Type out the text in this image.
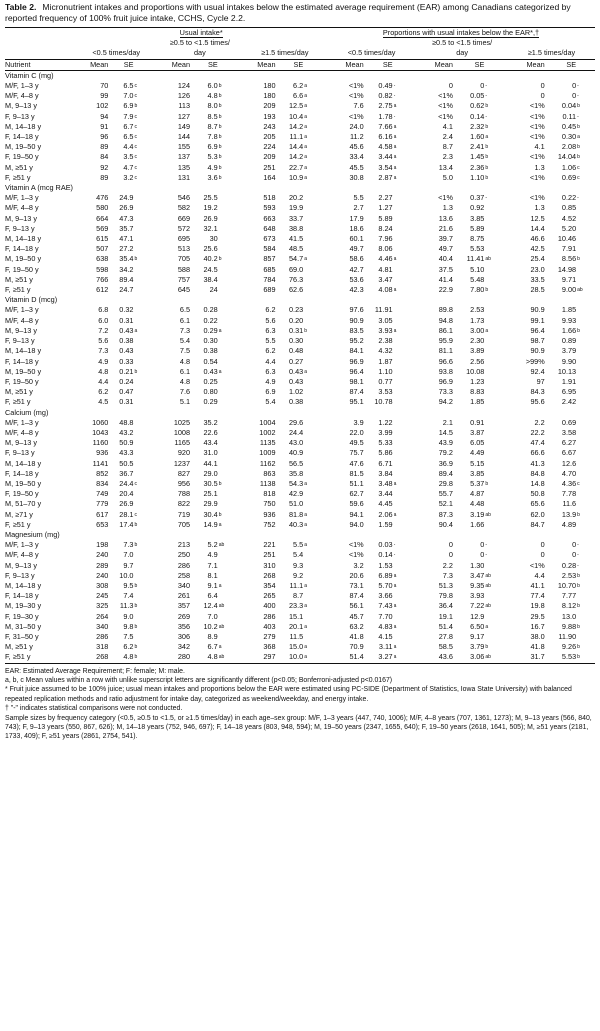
Table 2. Micronutrient intakes and proportions with usual intakes below the estimated average requirement (EAR) among Canadians categorized by reported frequency of 100% fruit juice intake, CCHS, Cycle 2.2.
	Usual intake*									Proportions with usual intakes below the EAR*,†								
				≥0.5 to <1.5 times/									≥0.5 to <1.5 times/					
	<0.5 times/day			day			≥1.5 times/day			<0.5 times/day			day			≥1.5 times/day		
Nutrient	Mean	SE		Mean	SE		Mean	SE		Mean	SE		Mean	SE		Mean	SE	
Vitamin C (mg)																		
M/F, 1–3 y	70	6.5	c	124	6.0	b	180	6.2	a	<1%	0.49	-	0	0	-	0	0	-
M/F, 4–8 y	99	7.0	c	126	4.8	b	180	6.6	a	<1%	0.82	-	<1%	0.05	-	0	0	-
M, 9–13 y	102	6.9	b	113	8.0	b	209	12.5	a	7.6	2.75	a	<1%	0.62	b	<1%	0.04	b
F, 9–13 y	94	7.9	c	127	8.5	b	193	10.4	a	<1%	1.78	-	<1%	0.14	-	<1%	0.11	-
M, 14–18 y	91	6.7	c	149	8.7	b	243	14.2	a	24.0	7.66	a	4.1	2.32	b	<1%	0.45	b
F, 14–18 y	96	6.5	c	144	7.8	b	205	11.1	a	11.2	6.16	a	2.4	1.60	a	<1%	0.30	a
M, 19–50 y	89	4.4	c	155	6.9	b	224	14.4	a	45.6	4.58	a	8.7	2.41	b	4.1	2.08	b
F, 19–50 y	84	3.5	c	137	5.3	b	209	14.2	a	33.4	3.44	a	2.3	1.45	b	<1%	14.04	b
M, ≥51 y	92	4.7	c	135	4.9	b	251	22.7	a	45.5	3.54	a	13.4	2.36	b	1.3	1.06	c
F, ≥51 y	89	3.2	c	131	3.6	b	164	10.9	a	30.8	2.87	a	5.0	1.10	b	<1%	0.69	c
Vitamin A (mcg RAE)																		
M/F, 1–3 y	476	24.9		546	25.5		518	20.2		5.5	2.27		<1%	0.37	-	<1%	0.22	-
M/F, 4–8 y	580	26.9		582	19.2		593	19.9		2.7	1.27		1.3	0.92		1.3	0.85	
M, 9–13 y	664	47.3		669	26.9		663	33.7		17.9	5.89		13.6	3.85		12.5	4.52	
F, 9–13 y	569	35.7		572	32.1		648	38.8		18.6	8.24		21.6	5.89		14.4	5.20	
M, 14–18 y	615	47.1		695	30		673	41.5		60.1	7.96		39.7	8.75		46.6	10.46	
F, 14–18 y	507	27.2		513	25.6		584	48.5		49.7	8.06		49.7	5.53		42.5	7.91	
M, 19–50 y	638	35.4	b	705	40.2	b	857	54.7	a	58.6	4.46	a	40.4	11.41	ab	25.4	8.56	b
F, 19–50 y	598	34.2		588	24.5		685	69.0		42.7	4.81		37.5	5.10		23.0	14.98	
M, ≥51 y	766	89.4		757	38.4		784	76.3		53.6	3.47		41.4	5.48		33.5	9.71	
F, ≥51 y	612	24.7		645	24		689	62.6		42.3	4.08	a	22.9	7.80	b	28.5	9.00	ab
Vitamin D (mcg)																		
M/F, 1–3 y	6.8	0.32		6.5	0.28		6.2	0.23		97.6	11.91		89.8	2.53		90.9	1.85	
M/F, 4–8 y	6.0	0.31		6.1	0.22		5.6	0.20		90.9	3.05		94.8	1.73		99.1	9.93	
M, 9–13 y	7.2	0.43	a	7.3	0.29	a	6.3	0.31	b	83.5	3.93	a	86.1	3.00	a	96.4	1.66	b
F, 9–13 y	5.6	0.38		5.4	0.30		5.5	0.30		95.2	2.38		95.9	2.30		98.7	0.89	
M, 14–18 y	7.3	0.43		7.5	0.38		6.2	0.48		84.1	4.32		81.1	3.89		90.9	3.79	
F, 14–18 y	4.9	0.33		4.8	0.54		4.4	0.27		96.9	1.87		96.6	2.56		>99%	9.90	
M, 19–50 y	4.8	0.21	b	6.1	0.43	a	6.3	0.43	a	96.4	1.10		93.8	10.08		92.4	10.13	
F, 19–50 y	4.4	0.24		4.8	0.25		4.9	0.43		98.1	0.77		96.9	1.23		97	1.91	
M, ≥51 y	6.2	0.47		7.6	0.80		6.9	1.02		87.4	3.53		73.3	8.83		84.3	6.95	
F, ≥51 y	4.5	0.31		5.1	0.29		5.4	0.38		95.1	10.78		94.2	1.85		95.6	2.42	
Calcium (mg)																		
M/F, 1–3 y	1060	48.8		1025	35.2		1004	29.6		3.9	1.22		2.1	0.91		2.2	0.69	
M/F, 4–8 y	1043	43.2		1008	22.6		1002	24.4		22.0	3.99		14.5	3.87		22.2	3.58	
M, 9–13 y	1160	50.9		1165	43.4		1135	43.0		49.5	5.33		43.9	6.05		47.4	6.27	
F, 9–13 y	936	43.3		920	31.0		1009	40.9		75.7	5.86		79.2	4.49		66.6	6.67	
M, 14–18 y	1141	50.5		1237	44.1		1162	56.5		47.6	6.71		36.9	5.15		41.3	12.6	
F, 14–18 y	852	36.7		827	29.0		863	35.8		81.5	3.84		89.4	3.85		84.8	4.70	
M, 19–50 y	834	24.4	c	956	30.5	b	1138	54.3	a	51.1	3.48	a	29.8	5.37	b	14.8	4.36	c
F, 19–50 y	749	20.4		788	25.1		818	42.9		62.7	3.44		55.7	4.87		50.8	7.78	
M, 51–70 y	779	26.9		822	29.9		750	51.0		59.6	4.45		52.1	4.48		65.6	11.6	
M, ≥71 y	617	28.1	c	719	30.4	b	936	81.8	a	94.1	2.06	a	87.3	3.19	ab	62.0	13.9	b
F, ≥51 y	653	17.4	b	705	14.9	a	752	40.3	a	94.0	1.59		90.4	1.66		84.7	4.89	
Magnesium (mg)																		
M/F, 1–3 y	198	7.3	b	213	5.2	ab	221	5.5	a	<1%	0.03	-	0	0	-	0	0	-
M/F, 4–8 y	240	7.0		250	4.9		251	5.4		<1%	0.14	-	0	0	-	0	0	-
M, 9–13 y	289	9.7		286	7.1		310	9.3		3.2	1.53		2.2	1.30		<1%	0.28	-
F, 9–13 y	240	10.0		258	8.1		268	9.2		20.6	6.89	a	7.3	3.47	ab	4.4	2.53	b
M, 14–18 y	308	9.5	b	340	9.1	a	354	11.1	a	73.1	5.70	a	51.3	9.35	ab	41.1	10.70	b
F, 14–18 y	245	7.4		261	6.4		265	8.7		87.4	3.66		79.8	3.93		77.4	7.77	
M, 19–30 y	325	11.3	b	357	12.4	ab	400	23.3	a	56.1	7.43	a	36.4	7.22	ab	19.8	8.12	b
F, 19–30 y	264	9.0		269	7.0		286	15.1		45.7	7.70		19.1	12.9		29.5	13.0	
M, 31–50 y	340	9.8	b	356	10.2	ab	403	20.1	a	63.2	4.83	a	51.4	6.50	a	16.7	9.88	b
F, 31–50 y	286	7.5		306	8.9		279	11.5		41.8	4.15		27.8	9.17		38.0	11.90	
M, ≥51 y	318	6.2	b	342	6.7	a	368	15.0	a	70.9	3.11	a	58.5	3.79	b	41.8	9.26	b
F, ≥51 y	268	4.8	b	280	4.8	ab	297	10.0	a	51.4	3.27	a	43.6	3.06	ab	31.7	5.53	b
EAR: Estimated Average Requirement; F: female; M: male.
a, b, c Mean values within a row with unlike superscript letters are significantly different (p<0.05; Bonferroni-adjusted p<0.0167)
* Fruit juice assumed to be 100% juice; usual mean intakes and proportions below the EAR were estimated using PC-SIDE (Department of Statistics, Iowa State University) with balanced repeated replication methods and ratio adjustment for intake day, categorized as weekend/weekday, and energy intake.
† "-" indicates statistical comparisons were not conducted.
Sample sizes by frequency category (<0.5, ≥0.5 to <1.5, or ≥1.5 times/day) in each age–sex group: M/F, 1–3 years (447, 740, 1006); M/F, 4–8 years (707, 1361, 1273); M, 9–13 years (566, 840, 743); F, 9–13 years (550, 867, 626); M, 14–18 years (752, 946, 697); F, 14–18 years (803, 948, 594); M, 19–50 years (2347, 1655, 640); F, 19–50 years (2618, 1641, 505); M, ≥51 years (2181, 1733, 409); F, ≥51 years (2861, 2754, 541).
